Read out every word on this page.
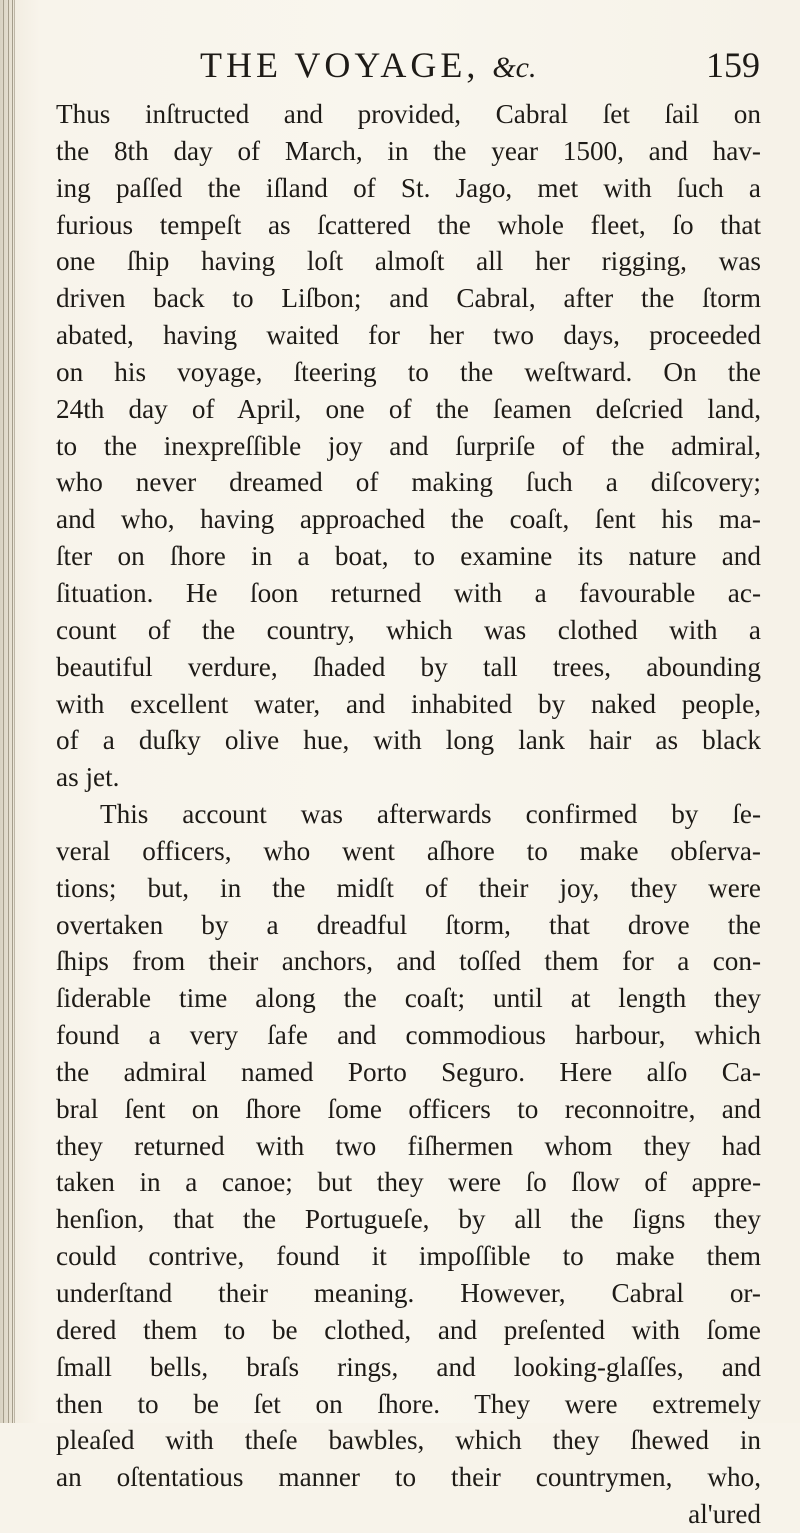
THE VOYAGE, &c.	159
Thus inſtructed and provided, Cabral ſet ſail on
the 8th day of March, in the year 1500, and hav-
ing paſſed the iſland of St. Jago, met with ſuch a
furious tempeſt as ſcattered the whole fleet, ſo that
one ſhip having loſt almoſt all her rigging, was
driven back to Liſbon; and Cabral, after the ſtorm
abated, having waited for her two days, proceeded
on his voyage, ſteering to the weſtward. On the
24th day of April, one of the ſeamen deſcried land,
to the inexpreſſible joy and ſurpriſe of the admiral,
who never dreamed of making ſuch a diſcovery;
and who, having approached the coaſt, ſent his ma-
ſter on ſhore in a boat, to examine its nature and
ſituation. He ſoon returned with a favourable ac-
count of the country, which was clothed with a
beautiful verdure, ſhaded by tall trees, abounding
with excellent water, and inhabited by naked people,
of a duſky olive hue, with long lank hair as black
as jet.
This account was afterwards confirmed by ſe-
veral officers, who went aſhore to make obſerva-
tions; but, in the midſt of their joy, they were
overtaken by a dreadful ſtorm, that drove the
ſhips from their anchors, and toſſed them for a con-
ſiderable time along the coaſt; until at length they
found a very ſafe and commodious harbour, which
the admiral named Porto Seguro. Here alſo Ca-
bral ſent on ſhore ſome officers to reconnoitre, and
they returned with two fiſhermen whom they had
taken in a canoe; but they were ſo ſlow of appre-
henſion, that the Portugueſe, by all the ſigns they
could contrive, found it impoſſible to make them
underſtand their meaning. However, Cabral or-
dered them to be clothed, and preſented with ſome
ſmall bells, braſs rings, and looking-glaſſes, and
then to be ſet on ſhore. They were extremely
pleaſed with theſe bawbles, which they ſhewed in
an oſtentatious manner to their countrymen, who,
al'ured
